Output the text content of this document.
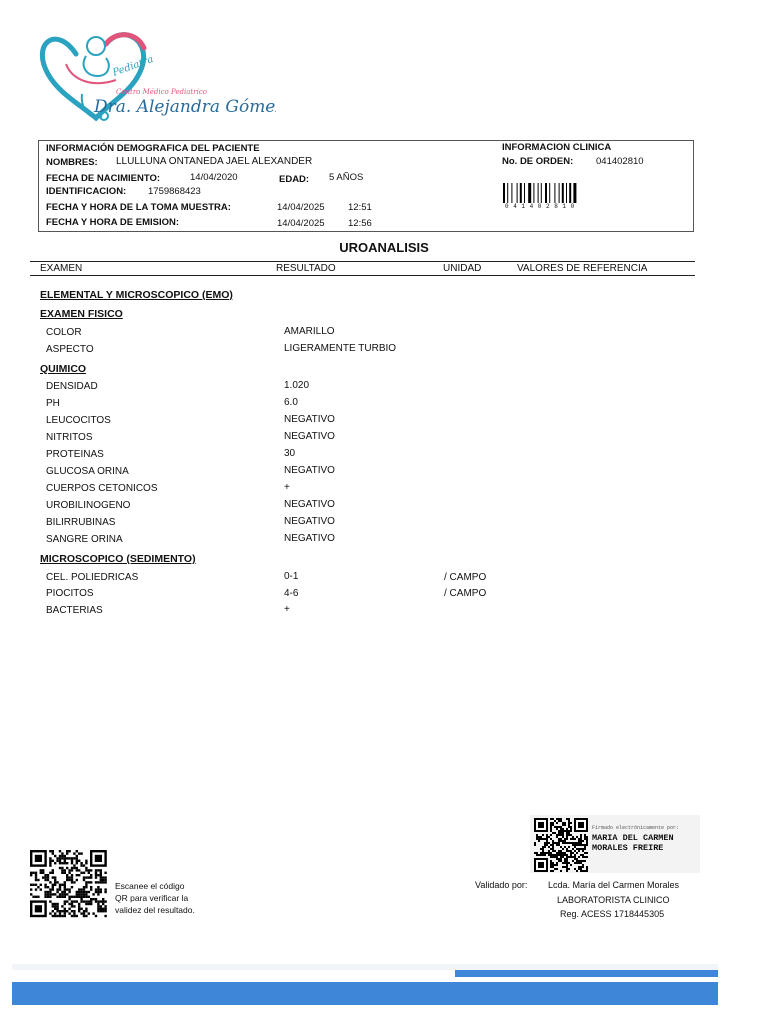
Pediatra
Centro Médico Pediatrico
Dra. Alejandra Gómez
INFORMACIÓN DEMOGRAFICA DEL PACIENTE
NOMBRES: LLULLUNA ONTANEDA JAEL ALEXANDER
FECHA DE NACIMIENTO:	14/04/2020	EDAD: 5 AÑOS
IDENTIFICACION: 1759868423
FECHA Y HORA DE LA TOMA MUESTRA:	14/04/2025 12:51
FECHA Y HORA DE EMISION:	14/04/2025 12:56
INFORMACION CLINICA
No. DE ORDEN: 041402810
0 4 1 4 0 2 8 1 0
UROANALISIS
EXAMEN	RESULTADO	UNIDAD	VALORES DE REFERENCIA
ELEMENTAL Y MICROSCOPICO (EMO)
EXAMEN FISICO
COLOR	AMARILLO
ASPECTO	LIGERAMENTE TURBIO
QUIMICO
DENSIDAD	1.020
PH	6.0
LEUCOCITOS	NEGATIVO
NITRITOS	NEGATIVO
PROTEINAS	30
GLUCOSA ORINA	NEGATIVO
CUERPOS CETONICOS	+
UROBILINOGENO	NEGATIVO
BILIRRUBINAS	NEGATIVO
SANGRE ORINA	NEGATIVO
MICROSCOPICO (SEDIMENTO)
CEL. POLIEDRICAS	0-1	/ CAMPO
PIOCITOS	4-6	/ CAMPO
BACTERIAS	+
Escanee el código
QR para verificar la
validez del resultado.
Firmado electrónicamente por:
MARIA DEL CARMEN
MORALES FREIRE
Validado por: Lcda. María del Carmen Morales
LABORATORISTA CLINICO
Reg. ACESS 1718445305
